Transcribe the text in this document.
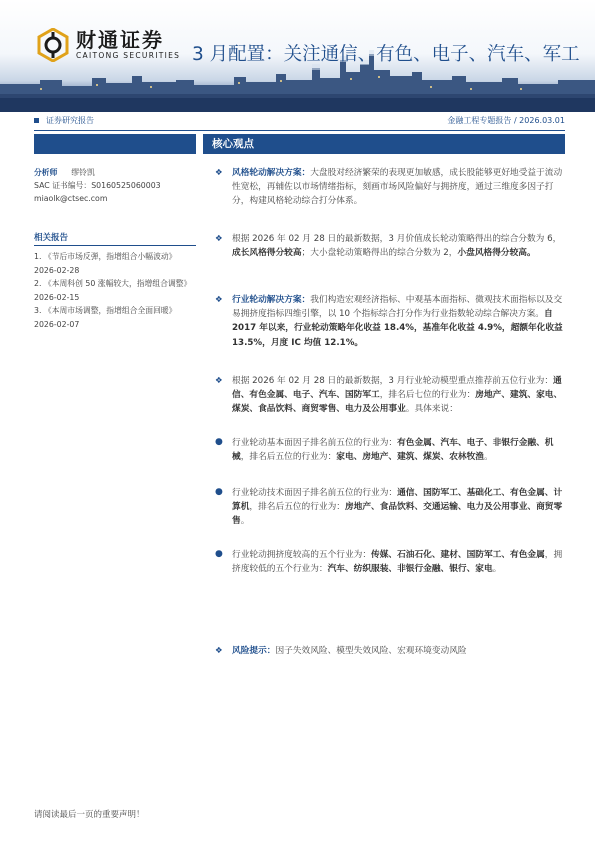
财通证券
CAITONG SECURITIES 3 月配置：关注通信、有色、电子、汽车、军工
证券研究报告	金融工程专题报告 / 2026.03.01
分析师 缪铃凯
SAC 证书编号：S0160525060003
miaolk@ctsec.com
相关报告
1. 《节后市场反弹，指增组合小幅波动》
2026-02-28
2. 《本周科创 50 涨幅较大，指增组合调整》
2026-02-15
3. 《本周市场调整，指增组合全面回暖》
2026-02-07
核心观点
❖ 风格轮动解决方案：大盘股对经济繁荣的表现更加敏感，成长股能够更好地受益于流动性宽松，再辅佐以市场情绪指标，刻画市场风险偏好与拥挤度，通过三维度多因子打分，构建风格轮动综合打分体系。
❖ 根据 2026 年 02 月 28 日的最新数据，3 月价值成长轮动策略得出的综合分数为 6，成长风格得分较高；大小盘轮动策略得出的综合分数为 2，小盘风格得分较高。
❖ 行业轮动解决方案：我们构造宏观经济指标、中观基本面指标、微观技术面指标以及交易拥挤度指标四维引擎，以 10 个指标综合打分作为行业指数轮动综合解决方案。自 2017 年以来，行业轮动策略年化收益 18.4%，基准年化收益 4.9%，超额年化收益 13.5%，月度 IC 均值 12.1%。
❖ 根据 2026 年 02 月 28 日的最新数据，3 月行业轮动模型重点推荐前五位行业为：通信、有色金属、电子、汽车、国防军工，排名后七位的行业为：房地产、建筑、家电、煤炭、食品饮料、商贸零售、电力及公用事业。具体来说：
● 行业轮动基本面因子排名前五位的行业为：有色金属、汽车、电子、非银行金融、机械，排名后五位的行业为：家电、房地产、建筑、煤炭、农林牧渔。
● 行业轮动技术面因子排名前五位的行业为：通信、国防军工、基础化工、有色金属、计算机，排名后五位的行业为：房地产、食品饮料、交通运输、电力及公用事业、商贸零售。
● 行业轮动拥挤度较高的五个行业为：传媒、石油石化、建材、国防军工、有色金属，拥挤度较低的五个行业为：汽车、纺织服装、非银行金融、银行、家电。
❖ 风险提示：因子失效风险、模型失效风险、宏观环境变动风险
请阅读最后一页的重要声明！
